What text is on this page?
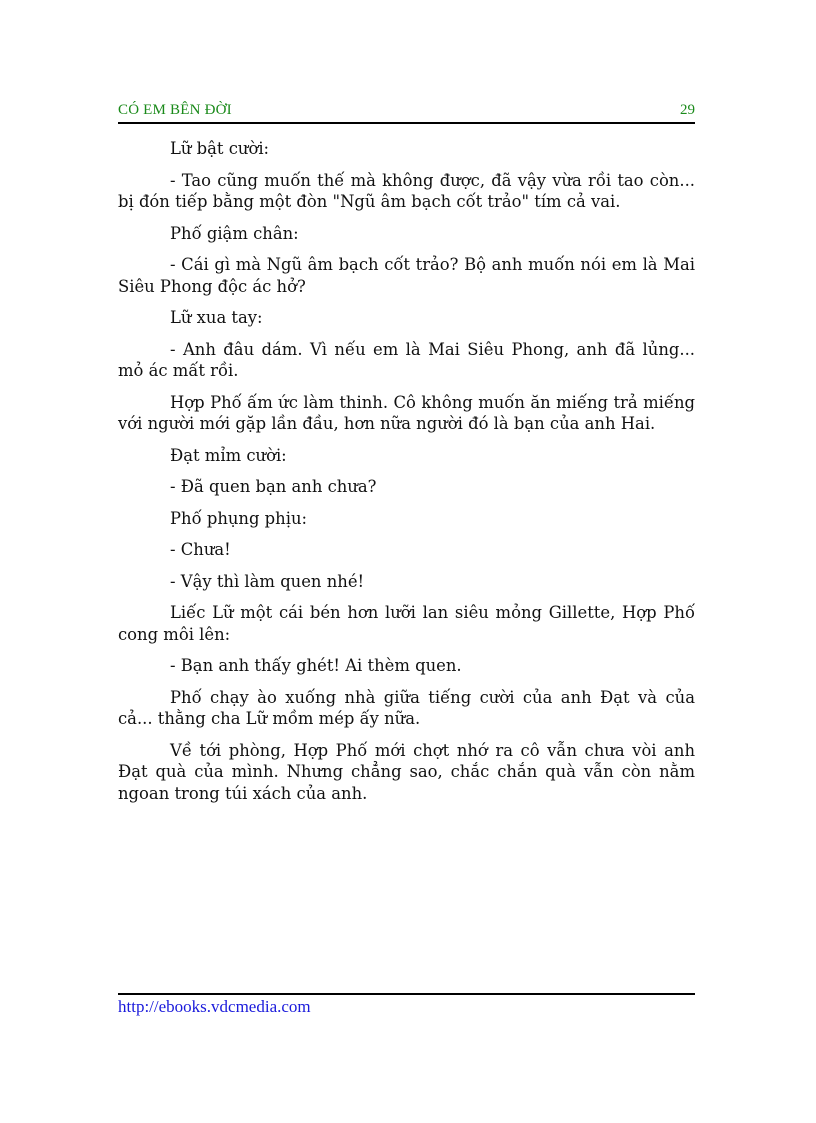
CÓ EM BÊN ĐỜI	29

Lữ bật cười:

- Tao cũng muốn thế mà không được, đã vậy vừa rồi tao còn... bị đón tiếp bằng một đòn "Ngũ âm bạch cốt trảo" tím cả vai.

Phố giậm chân:

- Cái gì mà Ngũ âm bạch cốt trảo? Bộ anh muốn nói em là Mai Siêu Phong độc ác hở?

Lữ xua tay:

- Anh đâu dám. Vì nếu em là Mai Siêu Phong, anh đã lủng... mỏ ác mất rồi.

Hợp Phố ấm ức làm thinh. Cô không muốn ăn miếng trả miếng với người mới gặp lần đầu, hơn nữa người đó là bạn của anh Hai.

Đạt mỉm cười:

- Đã quen bạn anh chưa?

Phố phụng phịu:

- Chưa!

- Vậy thì làm quen nhé!

Liếc Lữ một cái bén hơn lưỡi lan siêu mỏng Gillette, Hợp Phố cong môi lên:

- Bạn anh thấy ghét! Ai thèm quen.

Phố chạy ào xuống nhà giữa tiếng cười của anh Đạt và của cả... thằng cha Lữ mồm mép ấy nữa.

Về tới phòng, Hợp Phố mới chợt nhớ ra cô vẫn chưa vòi anh Đạt quà của mình. Nhưng chẳng sao, chắc chắn quà vẫn còn nằm ngoan trong túi xách của anh.

http://ebooks.vdcmedia.com
